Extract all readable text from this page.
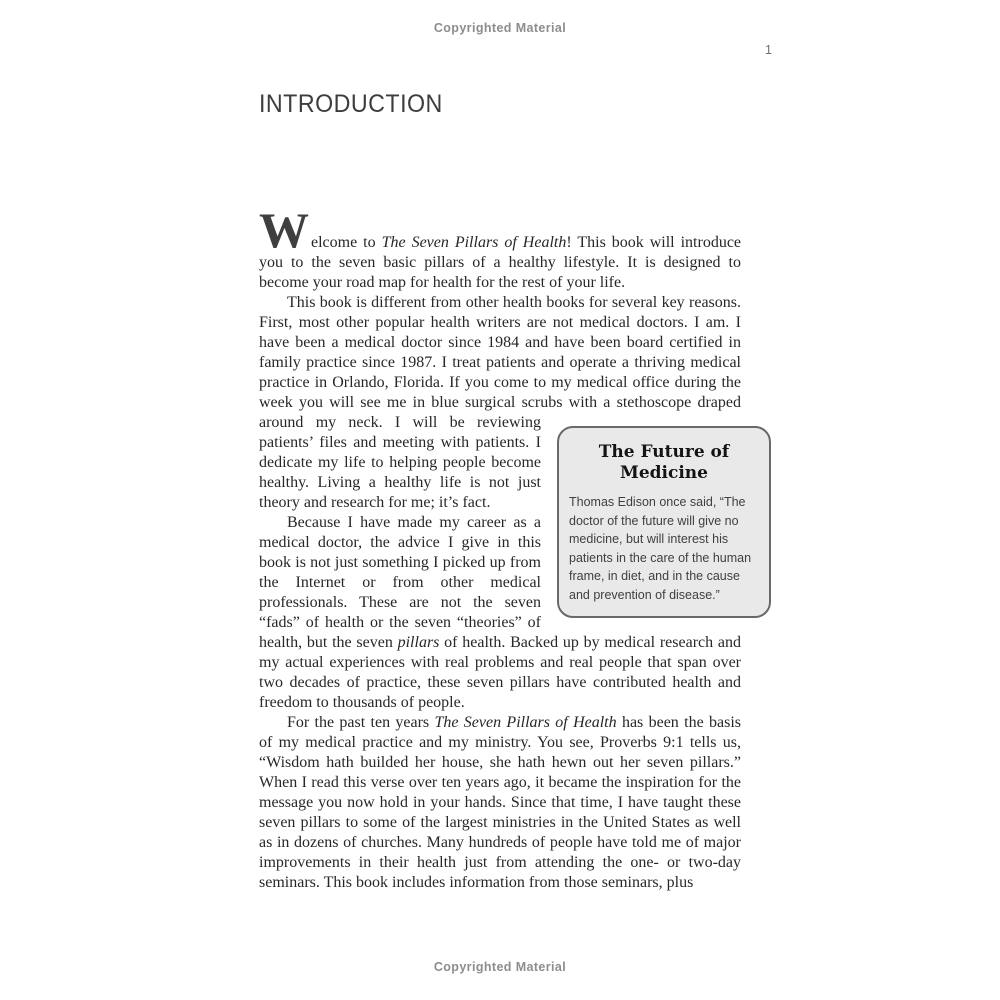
Copyrighted Material
1
INTRODUCTION

Welcome to The Seven Pillars of Health! This book will introduce you to the seven basic pillars of a healthy lifestyle. It is designed to become your road map for health for the rest of your life.

This book is different from other health books for several key reasons. First, most other popular health writers are not medical doctors. I am. I have been a medical doctor since 1984 and have been board certified in family practice since 1987. I treat patients and operate a thriving medical practice in Orlando, Florida. If you come to my medical office during the week you will see me in blue surgical scrubs with a stethoscope draped around my neck.
The Future of Medicine
Thomas Edison once said, “The doctor of the future will give no medicine, but will interest his patients in the care of the human frame, in diet, and in the cause and prevention of disease.”
I will be reviewing patients’ files and meeting with patients. I dedicate my life to helping people become healthy. Living a healthy life is not just theory and research for me; it’s fact.

Because I have made my career as a medical doctor, the advice I give in this book is not just something I picked up from the Internet or from other medical professionals. These are not the seven “fads” of health or the seven “theories” of health, but the seven pillars of health. Backed up by medical research and my actual experiences with real problems and real people that span over two decades of practice, these seven pillars have contributed health and freedom to thousands of people.

For the past ten years The Seven Pillars of Health has been the basis of my medical practice and my ministry. You see, Proverbs 9:1 tells us, “Wisdom hath builded her house, she hath hewn out her seven pillars.” When I read this verse over ten years ago, it became the inspiration for the message you now hold in your hands. Since that time, I have taught these seven pillars to some of the largest ministries in the United States as well as in dozens of churches. Many hundreds of people have told me of major improvements in their health just from attending the one- or two-day seminars. This book includes information from those seminars, plus

Copyrighted Material
